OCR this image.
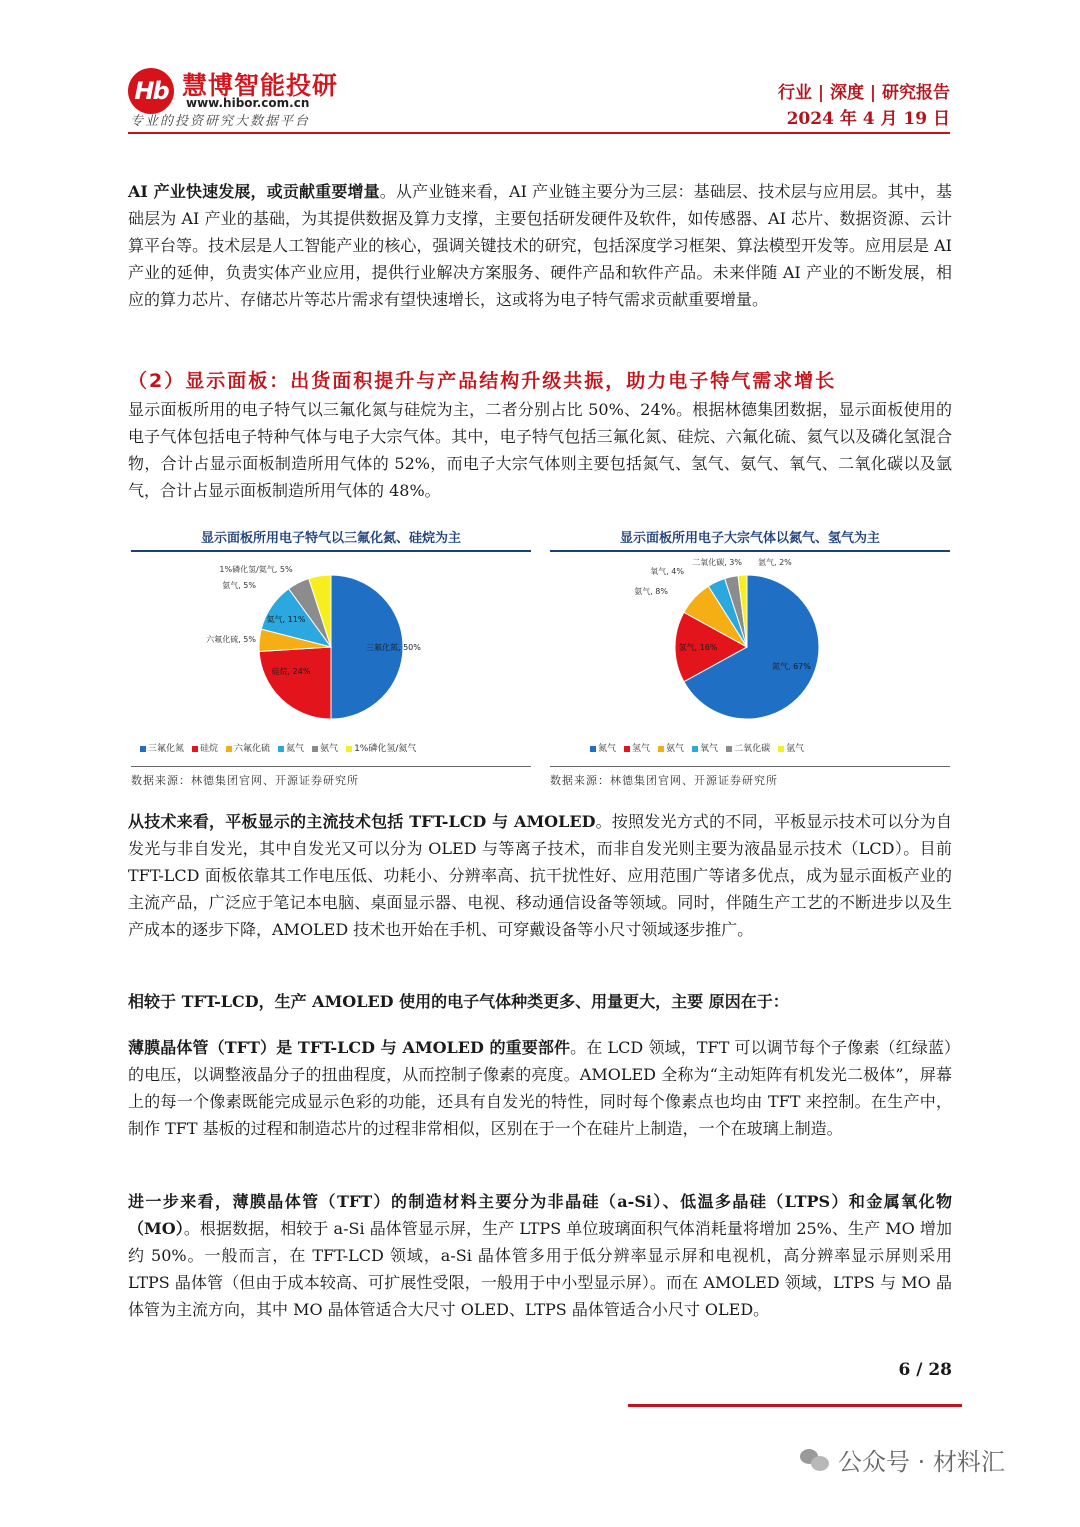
Hb 慧博智能投研
www.hibor.com.cn
专业的投资研究大数据平台
行业 | 深度 | 研究报告
2024 年 4 月 19 日

AI 产业快速发展，或贡献重要增量。从产业链来看，AI 产业链主要分为三层：基础层、技术层与应用层。其中，基础层为 AI 产业的基础，为其提供数据及算力支撑，主要包括研发硬件及软件，如传感器、AI 芯片、数据资源、云计算平台等。技术层是人工智能产业的核心，强调关键技术的研究，包括深度学习框架、算法模型开发等。应用层是 AI 产业的延伸，负责实体产业应用，提供行业解决方案服务、硬件产品和软件产品。未来伴随 AI 产业的不断发展，相应的算力芯片、存储芯片等芯片需求有望快速增长，这或将为电子特气需求贡献重要增量。

（2）显示面板：出货面积提升与产品结构升级共振，助力电子特气需求增长

显示面板所用的电子特气以三氟化氮与硅烷为主，二者分别占比 50%、24%。根据林德集团数据，显示面板使用的电子气体包括电子特种气体与电子大宗气体。其中，电子特气包括三氟化氮、硅烷、六氟化硫、氦气以及磷化氢混合物，合计占显示面板制造所用气体的 52%，而电子大宗气体则主要包括氮气、氢气、氨气、氧气、二氧化碳以及氩气，合计占显示面板制造所用气体的 48%。

显示面板所用电子特气以三氟化氮、硅烷为主
三氟化氮, 50%
硅烷, 24%
六氟化硫, 5%
氦气, 11%
氨气, 5%
1%磷化氢/氦气, 5%
三氟化氮	硅烷	六氟化硫	氦气	氨气	1%磷化氢/氦气
数据来源：林德集团官网、开源证券研究所
显示面板所用电子大宗气体以氮气、氢气为主
氮气, 67%
氢气, 16%
氨气, 8%
氧气, 4%
二氧化碳, 3% 氩气, 2%
氮气	氢气	氨气	氧气	二氧化碳	氩气
数据来源：林德集团官网、开源证券研究所

从技术来看，平板显示的主流技术包括 TFT-LCD 与 AMOLED。按照发光方式的不同，平板显示技术可以分为自发光与非自发光，其中自发光又可以分为 OLED 与等离子技术，而非自发光则主要为液晶显示技术（LCD）。目前 TFT-LCD 面板依靠其工作电压低、功耗小、分辨率高、抗干扰性好、应用范围广等诸多优点，成为显示面板产业的主流产品，广泛应于笔记本电脑、桌面显示器、电视、移动通信设备等领域。同时，伴随生产工艺的不断进步以及生产成本的逐步下降，AMOLED 技术也开始在手机、可穿戴设备等小尺寸领域逐步推广。

相较于 TFT-LCD，生产 AMOLED 使用的电子气体种类更多、用量更大，主要 原因在于：

薄膜晶体管（TFT）是 TFT-LCD 与 AMOLED 的重要部件。在 LCD 领域，TFT 可以调节每个子像素（红绿蓝）的电压，以调整液晶分子的扭曲程度，从而控制子像素的亮度。AMOLED 全称为“主动矩阵有机发光二极体”，屏幕上的每一个像素既能完成显示色彩的功能，还具有自发光的特性，同时每个像素点也均由 TFT 来控制。在生产中，制作 TFT 基板的过程和制造芯片的过程非常相似，区别在于一个在硅片上制造，一个在玻璃上制造。

进一步来看，薄膜晶体管（TFT）的制造材料主要分为非晶硅（a-Si）、低温多晶硅（LTPS）和金属氧化物（MO）。根据数据，相较于 a-Si 晶体管显示屏，生产 LTPS 单位玻璃面积气体消耗量将增加 25%、生产 MO 增加约 50%。一般而言，在 TFT-LCD 领域，a-Si 晶体管多用于低分辨率显示屏和电视机，高分辨率显示屏则采用 LTPS 晶体管（但由于成本较高、可扩展性受限，一般用于中小型显示屏）。而在 AMOLED 领域，LTPS 与 MO 晶体管为主流方向，其中 MO 晶体管适合大尺寸 OLED、LTPS 晶体管适合小尺寸 OLED。

6 / 28
公众号 · 材料汇
